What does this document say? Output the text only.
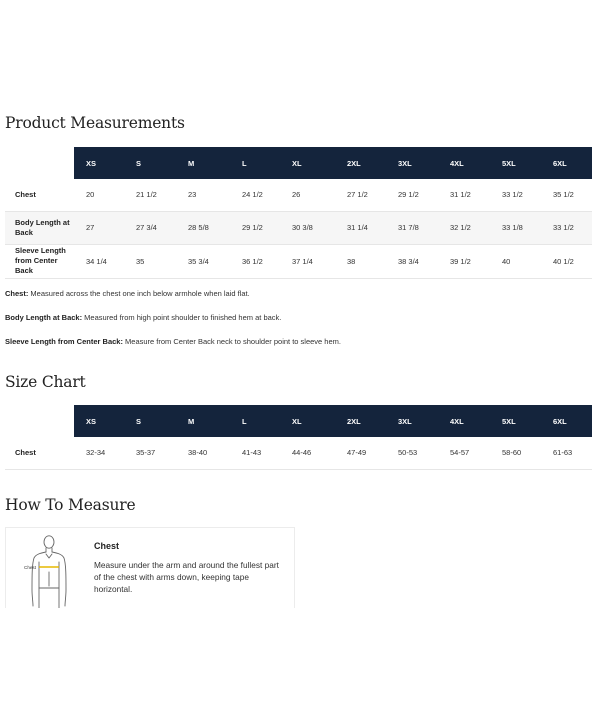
Product Measurements
	XS	S	M	L	XL	2XL	3XL	4XL	5XL	6XL
Chest	20	21 1/2	23	24 1/2	26	27 1/2	29 1/2	31 1/2	33 1/2	35 1/2
Body Length at Back	27	27 3/4	28 5/8	29 1/2	30 3/8	31 1/4	31 7/8	32 1/2	33 1/8	33 1/2
Sleeve Length from Center Back	34 1/4	35	35 3/4	36 1/2	37 1/4	38	38 3/4	39 1/2	40	40 1/2

Chest: Measured across the chest one inch below armhole when laid flat.

Body Length at Back: Measured from high point shoulder to finished hem at back.

Sleeve Length from Center Back: Measure from Center Back neck to shoulder point to sleeve hem.

Size Chart
	XS	S	M	L	XL	2XL	3XL	4XL	5XL	6XL
Chest	32-34	35-37	38-40	41-43	44-46	47-49	50-53	54-57	58-60	61-63
How To Measure
Chest

Chest

Measure under the arm and around the fullest part of the chest with arms down, keeping tape horizontal.
